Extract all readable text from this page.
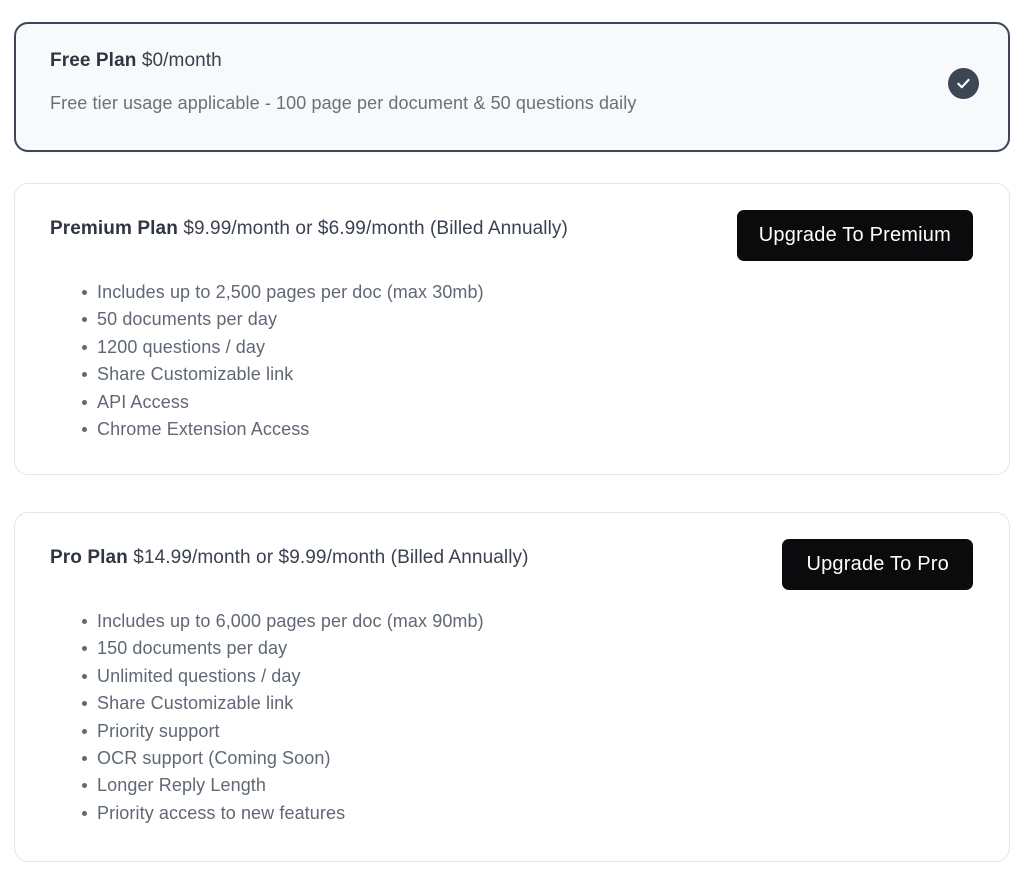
Free Plan $0/month
Free tier usage applicable - 100 page per document & 50 questions daily
Premium Plan $9.99/month or $6.99/month (Billed Annually)	Upgrade To Premium
Includes up to 2,500 pages per doc (max 30mb)
50 documents per day
1200 questions / day
Share Customizable link
API Access
Chrome Extension Access
Pro Plan $14.99/month or $9.99/month (Billed Annually)	Upgrade To Pro
Includes up to 6,000 pages per doc (max 90mb)
150 documents per day
Unlimited questions / day
Share Customizable link
Priority support
OCR support (Coming Soon)
Longer Reply Length
Priority access to new features
